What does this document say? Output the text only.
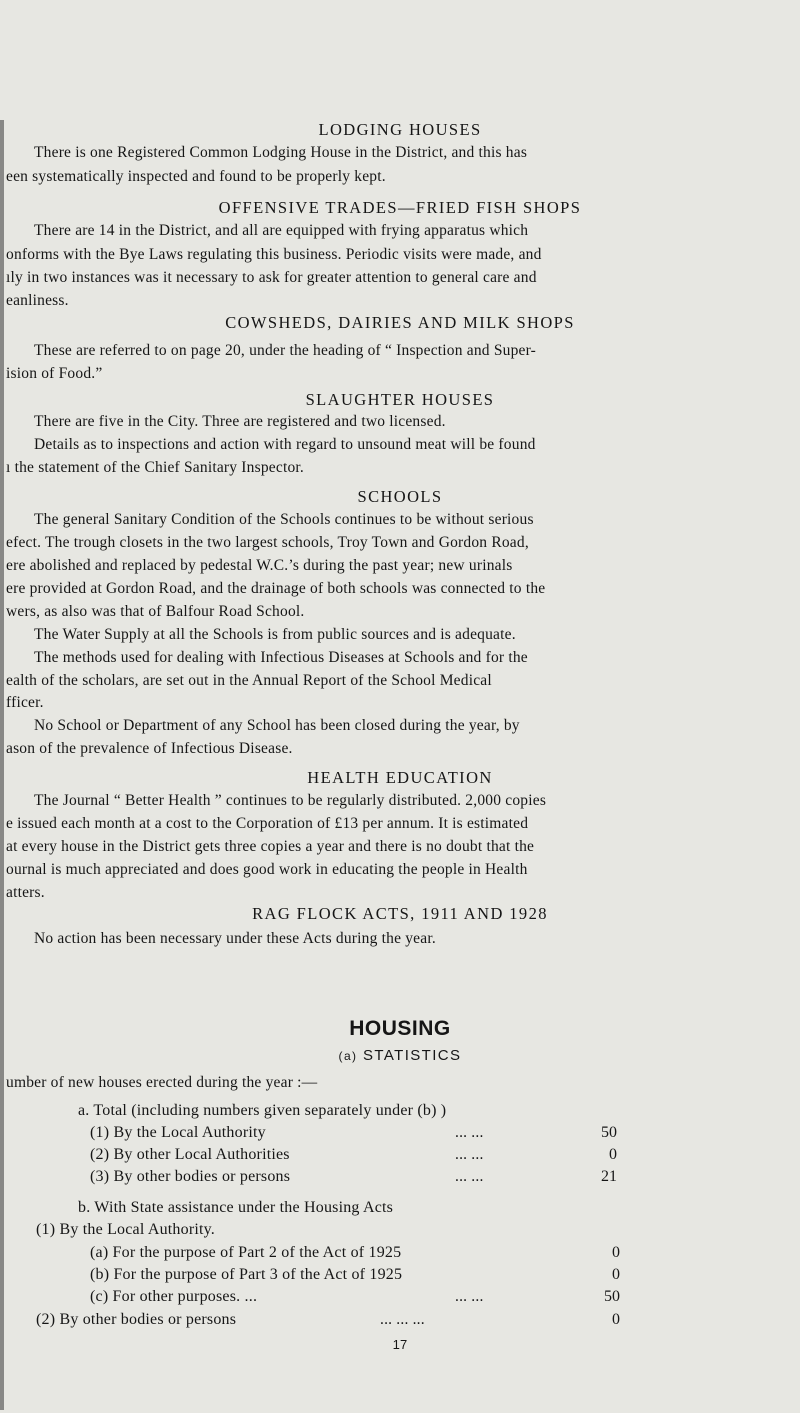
LODGING HOUSES
There is one Registered Common Lodging House in the District, and this has
een systematically inspected and found to be properly kept.
OFFENSIVE TRADES—FRIED FISH SHOPS
There are 14 in the District, and all are equipped with frying apparatus which
onforms with the Bye Laws regulating this business. Periodic visits were made, and
ıly in two instances was it necessary to ask for greater attention to general care and
eanliness.
COWSHEDS, DAIRIES AND MILK SHOPS
These are referred to on page 20, under the heading of “ Inspection and Super-
ision of Food.”
SLAUGHTER HOUSES
There are five in the City. Three are registered and two licensed.
Details as to inspections and action with regard to unsound meat will be found
ı the statement of the Chief Sanitary Inspector.
SCHOOLS
The general Sanitary Condition of the Schools continues to be without serious
efect. The trough closets in the two largest schools, Troy Town and Gordon Road,
ere abolished and replaced by pedestal W.C.’s during the past year; new urinals
ere provided at Gordon Road, and the drainage of both schools was connected to the
wers, as also was that of Balfour Road School.
The Water Supply at all the Schools is from public sources and is adequate.
The methods used for dealing with Infectious Diseases at Schools and for the
ealth of the scholars, are set out in the Annual Report of the School Medical
fficer.
No School or Department of any School has been closed during the year, by
ason of the prevalence of Infectious Disease.
HEALTH EDUCATION
The Journal “ Better Health ” continues to be regularly distributed. 2,000 copies
e issued each month at a cost to the Corporation of £13 per annum. It is estimated
at every house in the District gets three copies a year and there is no doubt that the
ournal is much appreciated and does good work in educating the people in Health
atters.
RAG FLOCK ACTS, 1911 AND 1928
No action has been necessary under these Acts during the year.
HOUSING
(a) STATISTICS
umber of new houses erected during the year :—
a. Total (including numbers given separately under (b) )
(1) By the Local Authority	... ...	50
(2) By other Local Authorities	... ...	0
(3) By other bodies or persons	... ...	21
b. With State assistance under the Housing Acts
(1) By the Local Authority.
(a) For the purpose of Part 2 of the Act of 1925	0
(b) For the purpose of Part 3 of the Act of 1925	0
(c) For other purposes. ...	... ...	50
(2) By other bodies or persons	... ... ...	0
17
